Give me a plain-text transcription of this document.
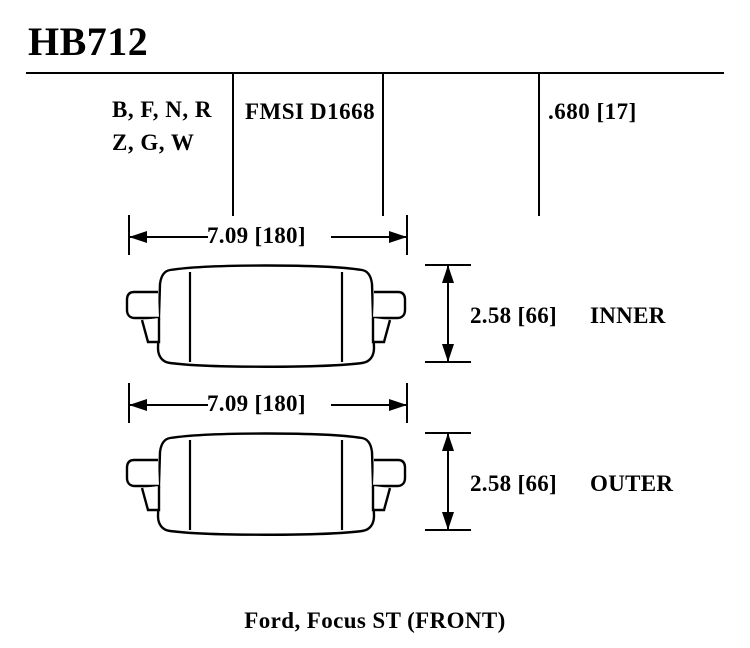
HB712
B, F, N, R
Z, G, W
FMSI D1668	.680 [17]
7.09 [180]
2.58 [66] INNER
7.09 [180]
2.58 [66] OUTER
Ford, Focus ST (FRONT)
